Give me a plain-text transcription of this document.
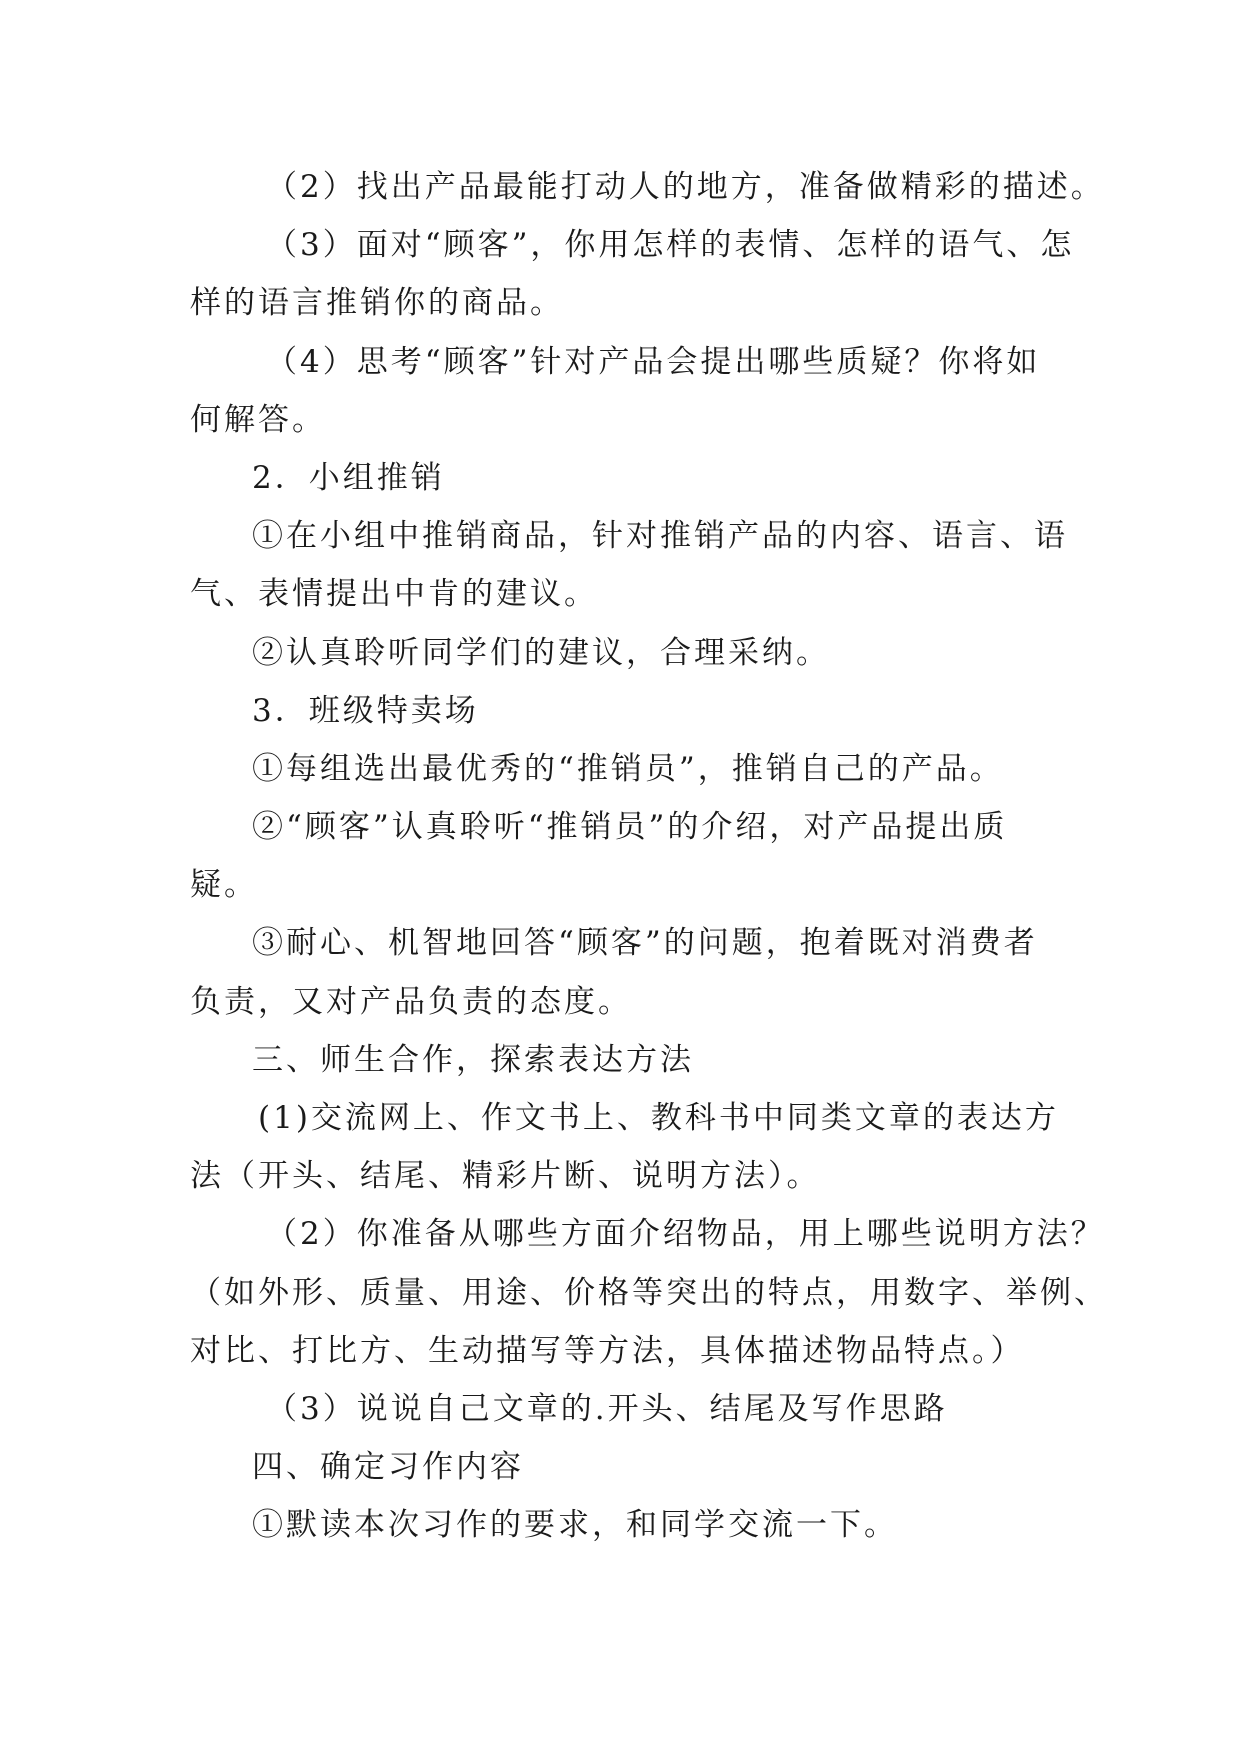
（2）找出产品最能打动人的地方，准备做精彩的描述。
（3）面对“顾客”，你用怎样的表情、怎样的语气、怎
样的语言推销你的商品。
（4）思考“顾客”针对产品会提出哪些质疑？你将如
何解答。
2．小组推销
①在小组中推销商品，针对推销产品的内容、语言、语
气、表情提出中肯的建议。
②认真聆听同学们的建议，合理采纳。
3．班级特卖场
①每组选出最优秀的“推销员”，推销自己的产品。
②“顾客”认真聆听“推销员”的介绍，对产品提出质
疑。
③耐心、机智地回答“顾客”的问题，抱着既对消费者
负责，又对产品负责的态度。
三、师生合作，探索表达方法
(1)交流网上、作文书上、教科书中同类文章的表达方
法（开头、结尾、精彩片断、说明方法）。
（2）你准备从哪些方面介绍物品，用上哪些说明方法？
（如外形、质量、用途、价格等突出的特点，用数字、举例、
对比、打比方、生动描写等方法，具体描述物品特点。）
（3）说说自己文章的.开头、结尾及写作思路
四、确定习作内容
①默读本次习作的要求，和同学交流一下。
